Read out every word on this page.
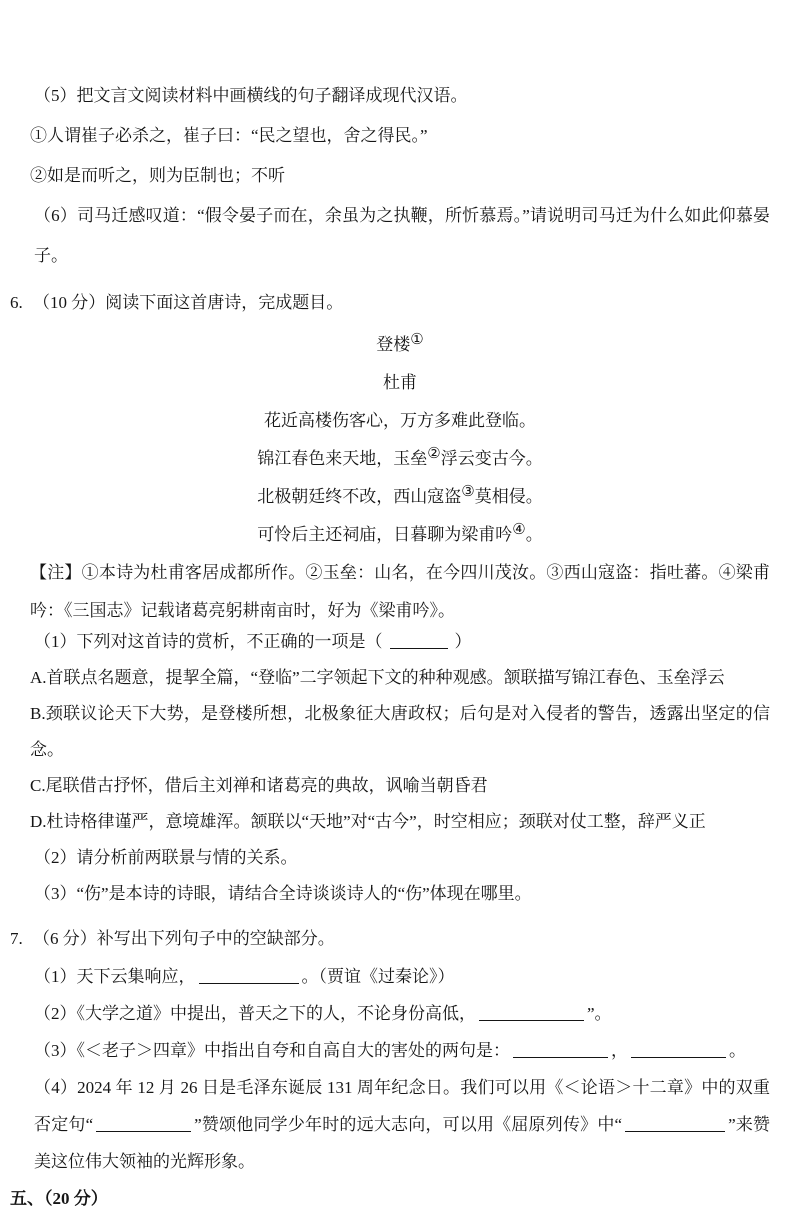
（5）把文言文阅读材料中画横线的句子翻译成现代汉语。

①人谓崔子必杀之，崔子曰：“民之望也，舍之得民。”

②如是而听之，则为臣制也；不听

（6）司马迁感叹道：“假令晏子而在，余虽为之执鞭，所忻慕焉。”请说明司马迁为什么如此仰慕晏子。

6. （10 分）阅读下面这首唐诗，完成题目。

登楼①

杜甫

花近高楼伤客心，万方多难此登临。

锦江春色来天地，玉垒②浮云变古今。

北极朝廷终不改，西山寇盗③莫相侵。

可怜后主还祠庙，日暮聊为梁甫吟④。

【注】①本诗为杜甫客居成都所作。②玉垒：山名，在今四川茂汝。③西山寇盗：指吐蕃。④梁甫吟：《三国志》记载诸葛亮躬耕南亩时，好为《梁甫吟》。

（1）下列对这首诗的赏析，不正确的一项是（	）

A.首联点名题意，提挈全篇，“登临”二字领起下文的种种观感。颔联描写锦江春色、玉垒浮云

B.颈联议论天下大势，是登楼所想，北极象征大唐政权；后句是对入侵者的警告，透露出坚定的信念。

C.尾联借古抒怀，借后主刘禅和诸葛亮的典故，讽喻当朝昏君

D.杜诗格律谨严，意境雄浑。颔联以“天地”对“古今”，时空相应；颈联对仗工整，辞严义正

（2）请分析前两联景与情的关系。

（3）“伤”是本诗的诗眼，请结合全诗谈谈诗人的“伤”体现在哪里。

7. （6 分）补写出下列句子中的空缺部分。

（1）天下云集响应，	。（贾谊《过秦论》）

（2）《大学之道》中提出，普天之下的人，不论身份高低，	”。

（3）《＜老子＞四章》中指出自夸和自高自大的害处的两句是：	，	。

（4）2024 年 12 月 26 日是毛泽东诞辰 131 周年纪念日。我们可以用《＜论语＞十二章》中的双重否定句“	”赞颂他同学少年时的远大志向，可以用《屈原列传》中“	”来赞美这位伟大领袖的光辉形象。

五、（20 分）
